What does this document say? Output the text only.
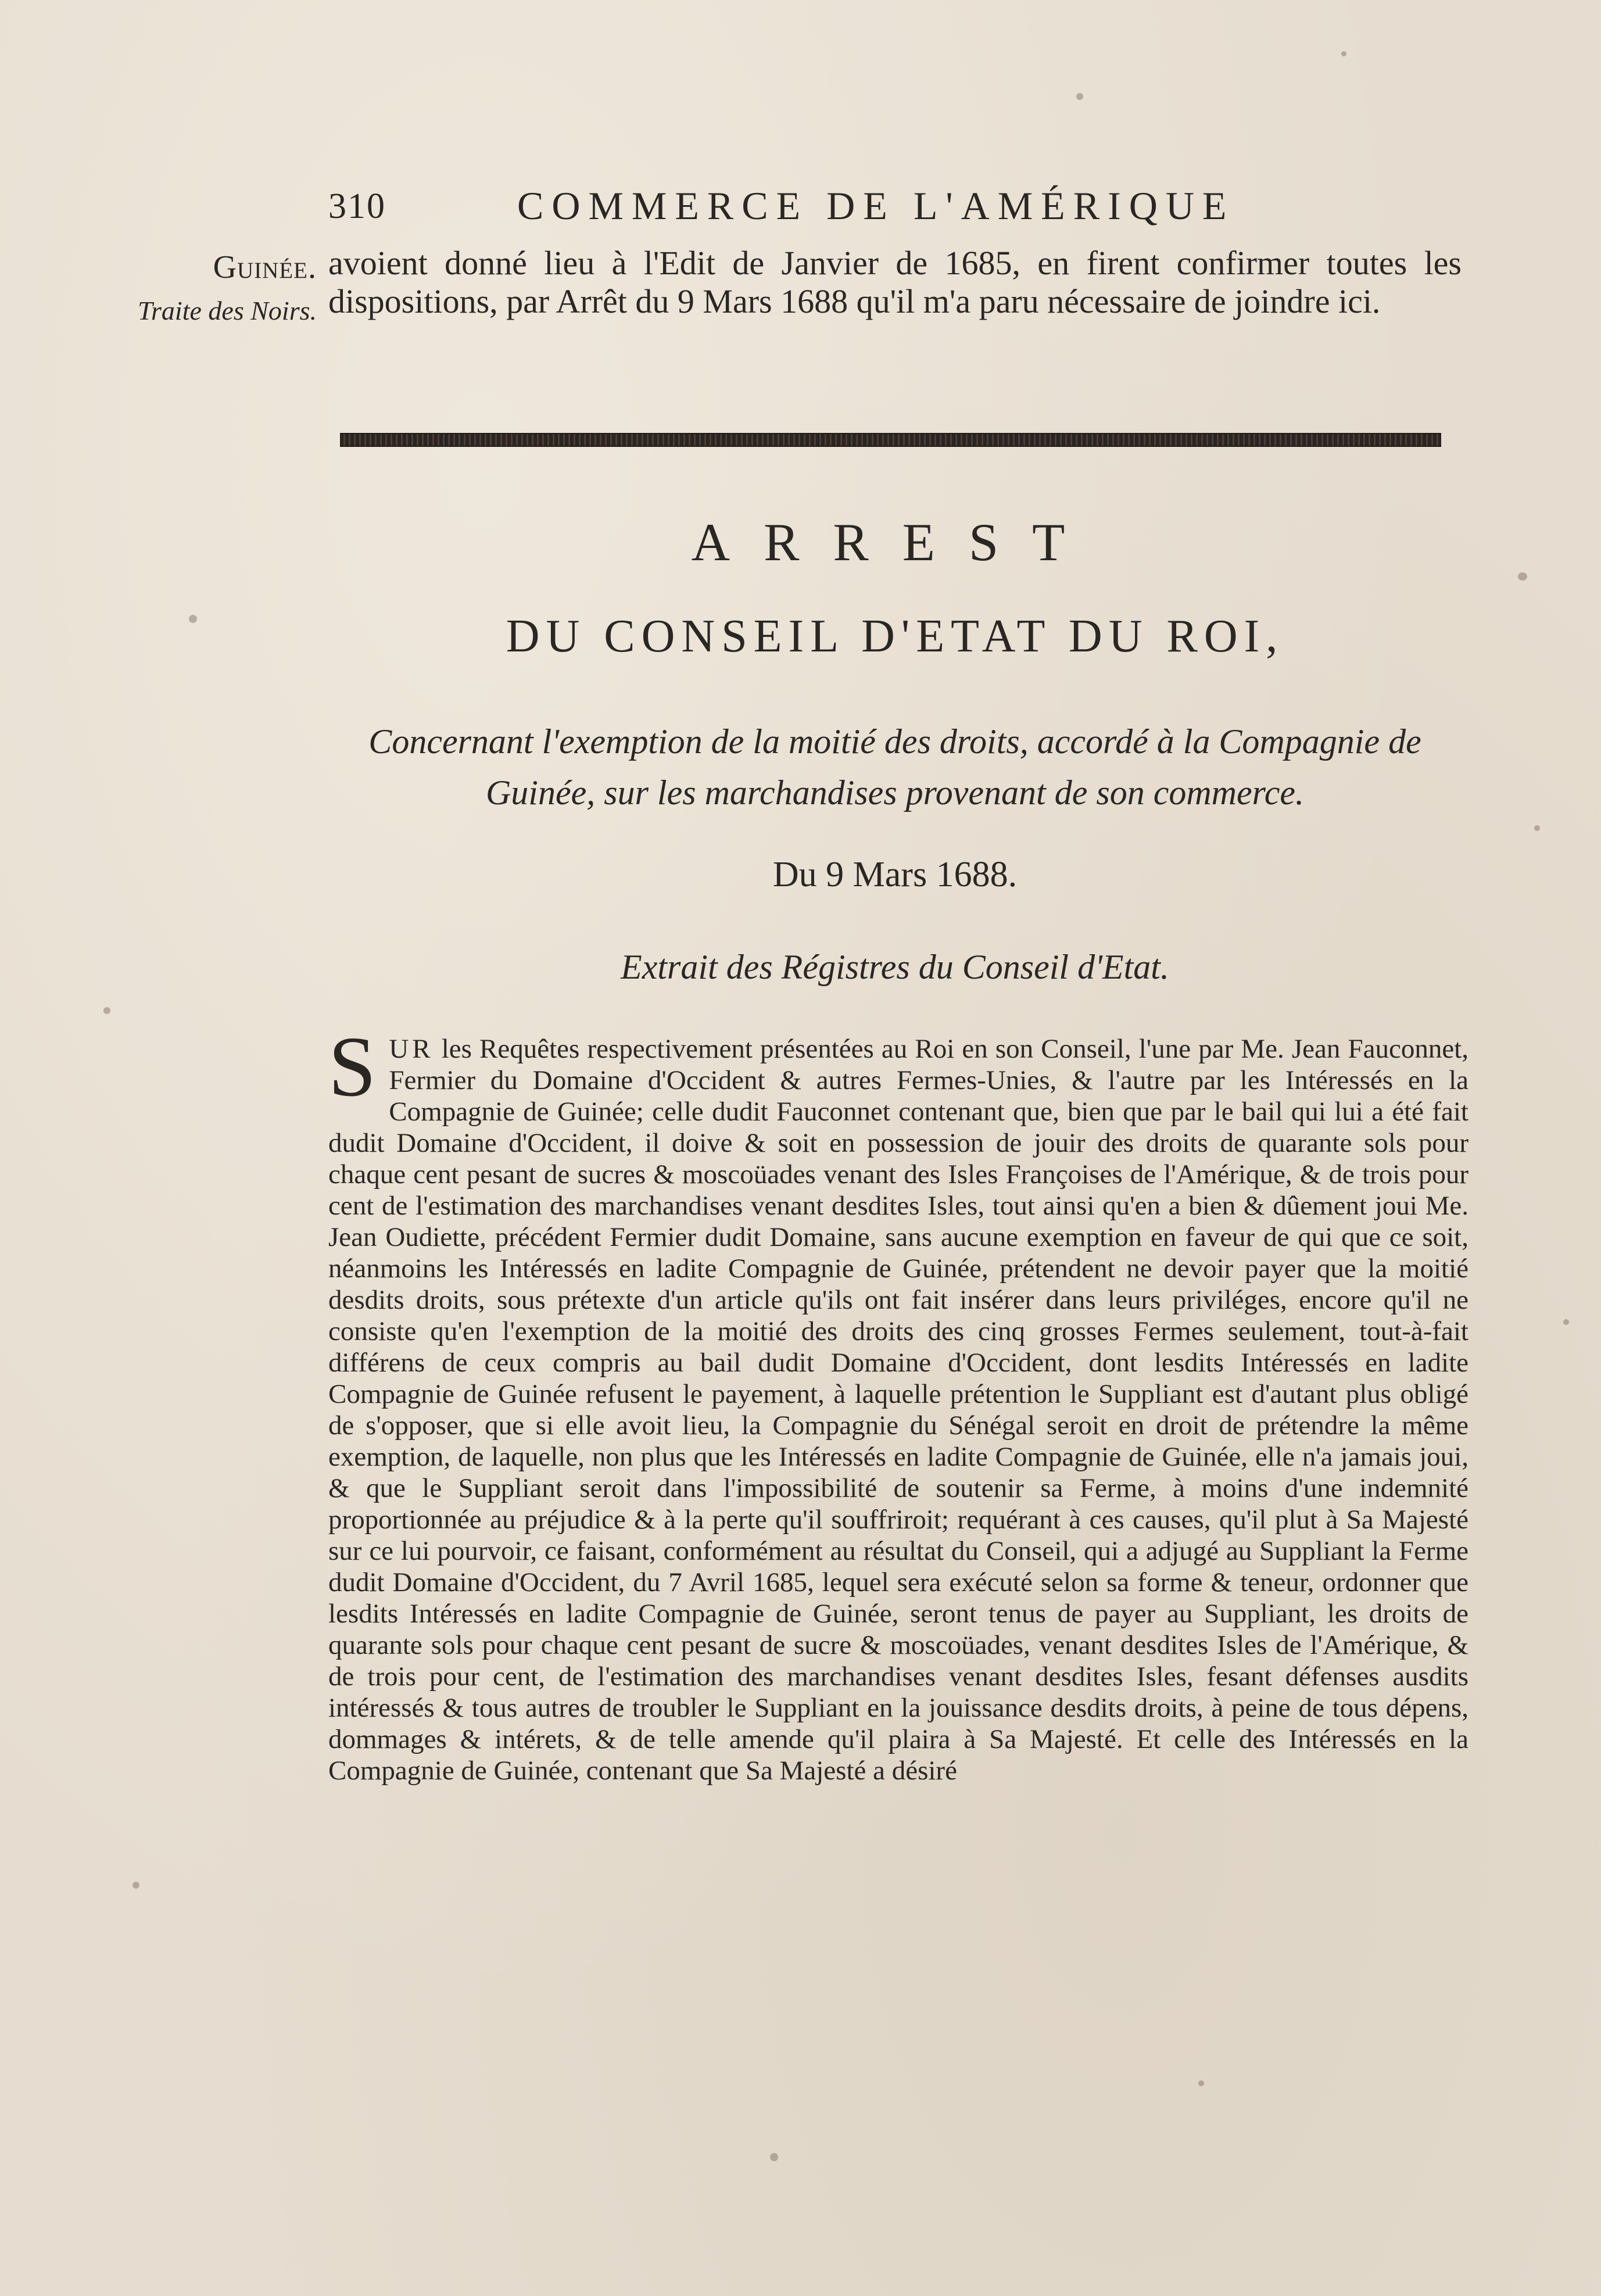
310	COMMERCE DE L'AMÉRIQUE
Guinée.
Traite des Noirs.

avoient donné lieu à l'Edit de Janvier de 1685, en firent confirmer toutes les dispositions, par Arrêt du 9 Mars 1688 qu'il m'a paru nécessaire de joindre ici.

ARREST
DU CONSEIL D'ETAT DU ROI,
Concernant l'exemption de la moitié des droits, accordé à la Compagnie de Guinée, sur les marchandises provenant de son commerce.
Du 9 Mars 1688.
Extrait des Régistres du Conseil d'Etat.

SUR les Requêtes respectivement présentées au Roi en son Conseil, l'une par Me. Jean Fauconnet, Fermier du Domaine d'Occident & autres Fermes-Unies, & l'autre par les Intéressés en la Compagnie de Guinée; celle dudit Fauconnet contenant que, bien que par le bail qui lui a été fait dudit Domaine d'Occident, il doive & soit en possession de jouir des droits de quarante sols pour chaque cent pesant de sucres & moscoüades venant des Isles Françoises de l'Amérique, & de trois pour cent de l'estimation des marchandises venant desdites Isles, tout ainsi qu'en a bien & dûement joui Me. Jean Oudiette, précédent Fermier dudit Domaine, sans aucune exemption en faveur de qui que ce soit, néanmoins les Intéressés en ladite Compagnie de Guinée, prétendent ne devoir payer que la moitié desdits droits, sous prétexte d'un article qu'ils ont fait insérer dans leurs priviléges, encore qu'il ne consiste qu'en l'exemption de la moitié des droits des cinq grosses Fermes seulement, tout-à-fait différens de ceux compris au bail dudit Domaine d'Occident, dont lesdits Intéressés en ladite Compagnie de Guinée refusent le payement, à laquelle prétention le Suppliant est d'autant plus obligé de s'opposer, que si elle avoit lieu, la Compagnie du Sénégal seroit en droit de prétendre la même exemption, de laquelle, non plus que les Intéressés en ladite Compagnie de Guinée, elle n'a jamais joui, & que le Suppliant seroit dans l'impossibilité de soutenir sa Ferme, à moins d'une indemnité proportionnée au préjudice & à la perte qu'il souffriroit; requérant à ces causes, qu'il plut à Sa Majesté sur ce lui pourvoir, ce faisant, conformément au résultat du Conseil, qui a adjugé au Suppliant la Ferme dudit Domaine d'Occident, du 7 Avril 1685, lequel sera exécuté selon sa forme & teneur, ordonner que lesdits Intéressés en ladite Compagnie de Guinée, seront tenus de payer au Suppliant, les droits de quarante sols pour chaque cent pesant de sucre & moscoüades, venant desdites Isles de l'Amérique, & de trois pour cent, de l'estimation des marchandises venant desdites Isles, fesant défenses ausdits intéressés & tous autres de troubler le Suppliant en la jouissance desdits droits, à peine de tous dépens, dommages & intérets, & de telle amende qu'il plaira à Sa Majesté. Et celle des Intéressés en la Compagnie de Guinée, contenant que Sa Majesté a désiré
